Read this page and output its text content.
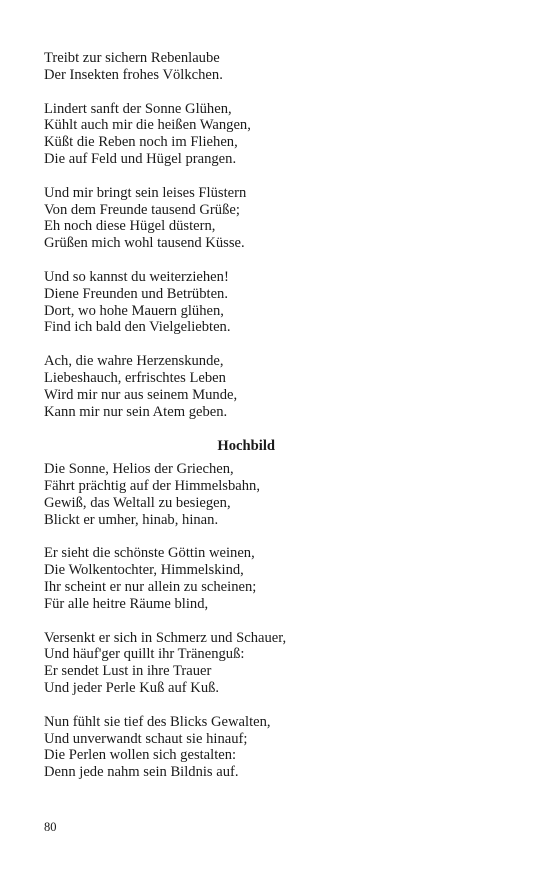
Treibt zur sichern Rebenlaube
Der Insekten frohes Völkchen.
Lindert sanft der Sonne Glühen,
Kühlt auch mir die heißen Wangen,
Küßt die Reben noch im Fliehen,
Die auf Feld und Hügel prangen.
Und mir bringt sein leises Flüstern
Von dem Freunde tausend Grüße;
Eh noch diese Hügel düstern,
Grüßen mich wohl tausend Küsse.
Und so kannst du weiterziehen!
Diene Freunden und Betrübten.
Dort, wo hohe Mauern glühen,
Find ich bald den Vielgeliebten.
Ach, die wahre Herzenskunde,
Liebeshauch, erfrischtes Leben
Wird mir nur aus seinem Munde,
Kann mir nur sein Atem geben.
Hochbild
Die Sonne, Helios der Griechen,
Fährt prächtig auf der Himmelsbahn,
Gewiß, das Weltall zu besiegen,
Blickt er umher, hinab, hinan.
Er sieht die schönste Göttin weinen,
Die Wolkentochter, Himmelskind,
Ihr scheint er nur allein zu scheinen;
Für alle heitre Räume blind,
Versenkt er sich in Schmerz und Schauer,
Und häuf'ger quillt ihr Tränenguß:
Er sendet Lust in ihre Trauer
Und jeder Perle Kuß auf Kuß.
Nun fühlt sie tief des Blicks Gewalten,
Und unverwandt schaut sie hinauf;
Die Perlen wollen sich gestalten:
Denn jede nahm sein Bildnis auf.
80
